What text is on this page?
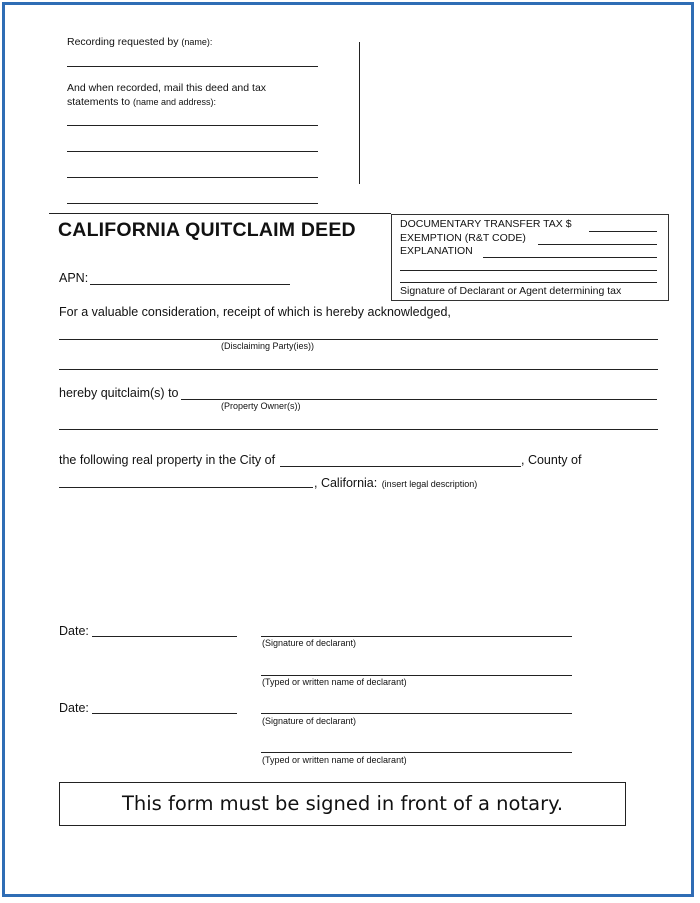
Recording requested by (name):
And when recorded, mail this deed and tax
statements to (name and address):
CALIFORNIA QUITCLAIM DEED	DOCUMENTARY TRANSFER TAX $
EXEMPTION (R&T CODE)
EXPLANATION
Signature of Declarant or Agent determining tax
APN:
For a valuable consideration, receipt of which is hereby acknowledged,
(Disclaiming Party(ies))
hereby quitclaim(s) to
(Property Owner(s))
the following real property in the City of	, County of
, California: (insert legal description)
Date:
(Signature of declarant)
(Typed or written name of declarant)
Date:
(Signature of declarant)
(Typed or written name of declarant)
This form must be signed in front of a notary.
